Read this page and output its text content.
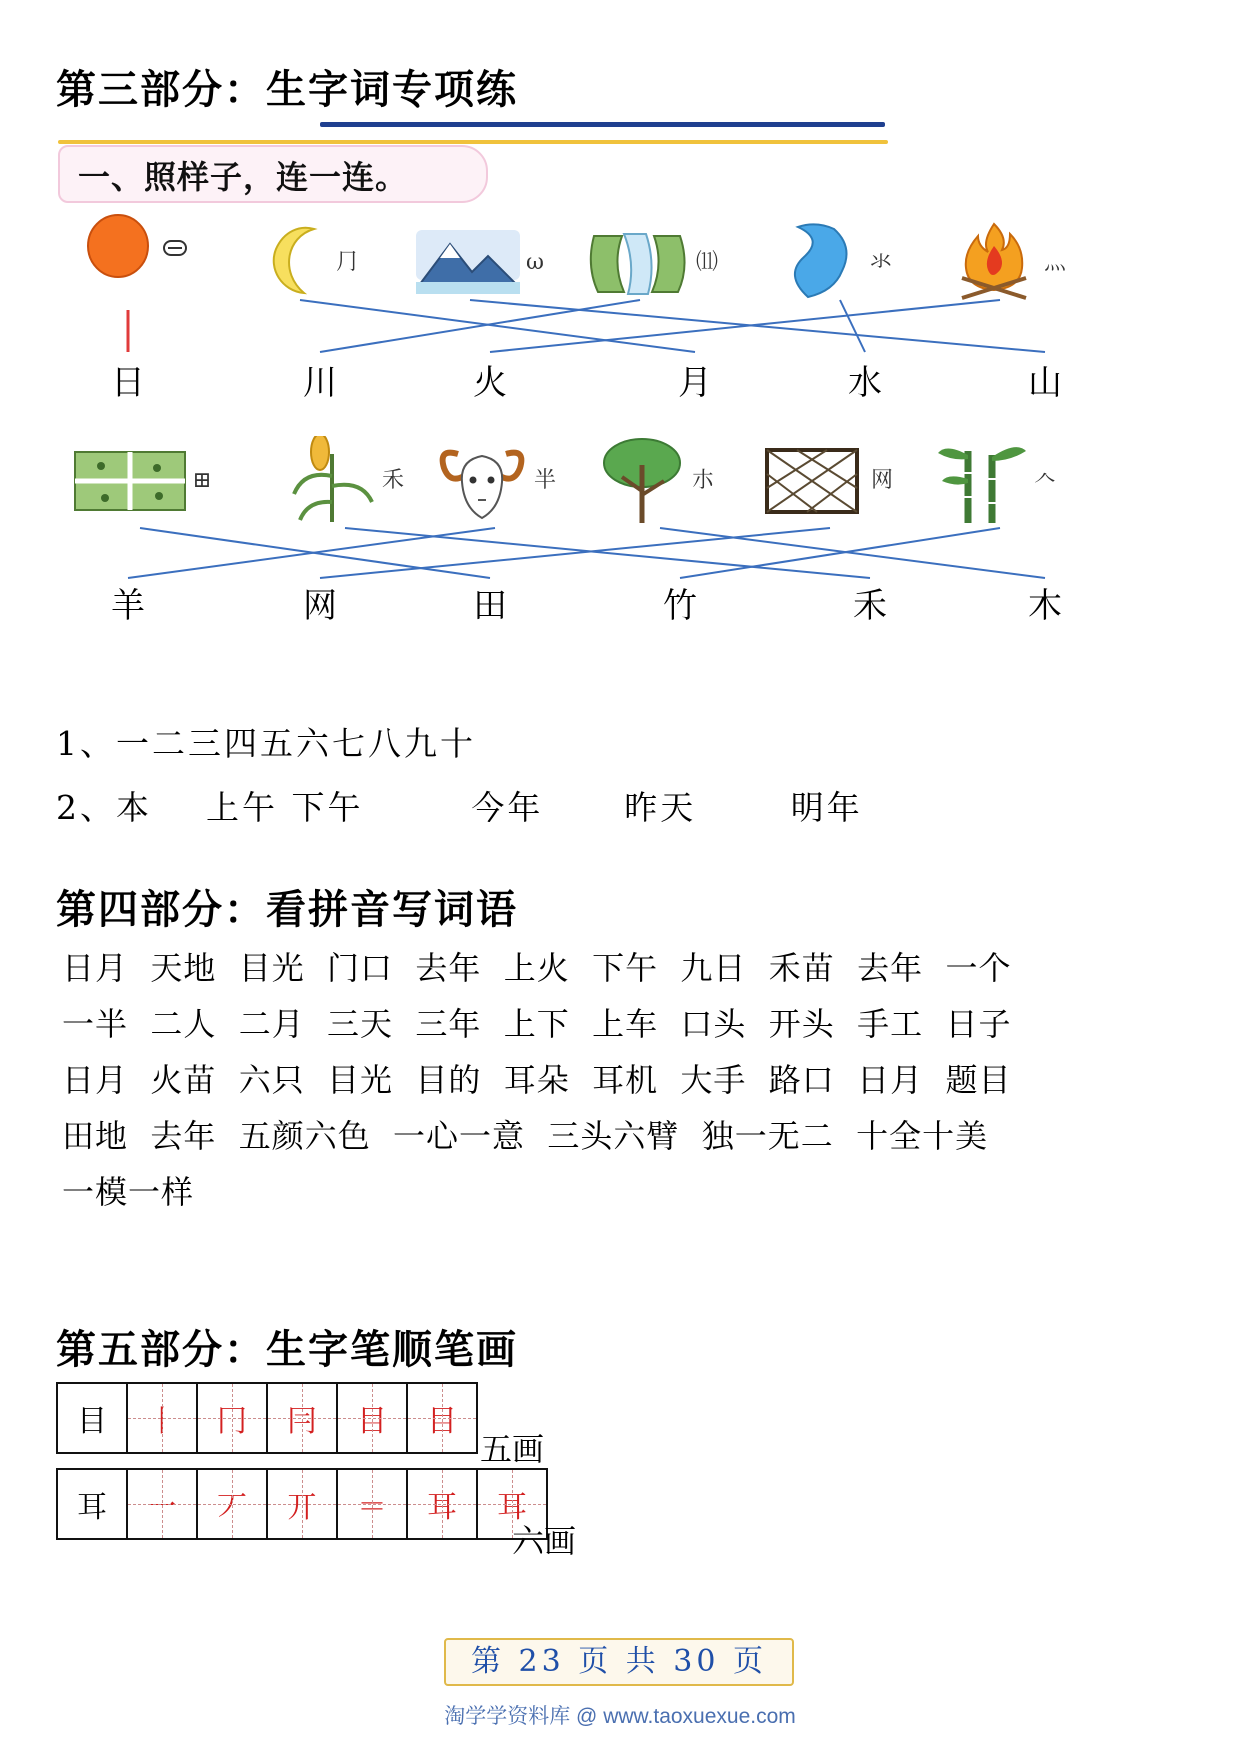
第三部分：生字词专项练
一、照样子，连一连。
⺆	ω	⑾	氺	灬
日	川	火	月	水	山
⊞	禾	半	朩	网	𠆢
羊	网	田	竹	禾	木
1、一二三四五六七八九十
2、本    上午 下午        今年      昨天       明年
第四部分：看拼音写词语
日月  天地  目光  门口  去年  上火  下午  九日  禾苗  去年  一个
一半  二人  二月  三天  三年  上下  上车  口头  开头  手工  日子
日月  火苗  六只  目光  目的  耳朵  耳机  大手  路口  日月  题目
田地  去年  五颜六色  一心一意  三头六臂  独一无二  十全十美
一模一样
第五部分：生字笔顺笔画
目	丨	冂	冃	目	目
五画
耳	一	丆	丌	＝	耳	耳
六画
第 23 页 共 30 页
淘学学资料库 @ www.taoxuexue.com
